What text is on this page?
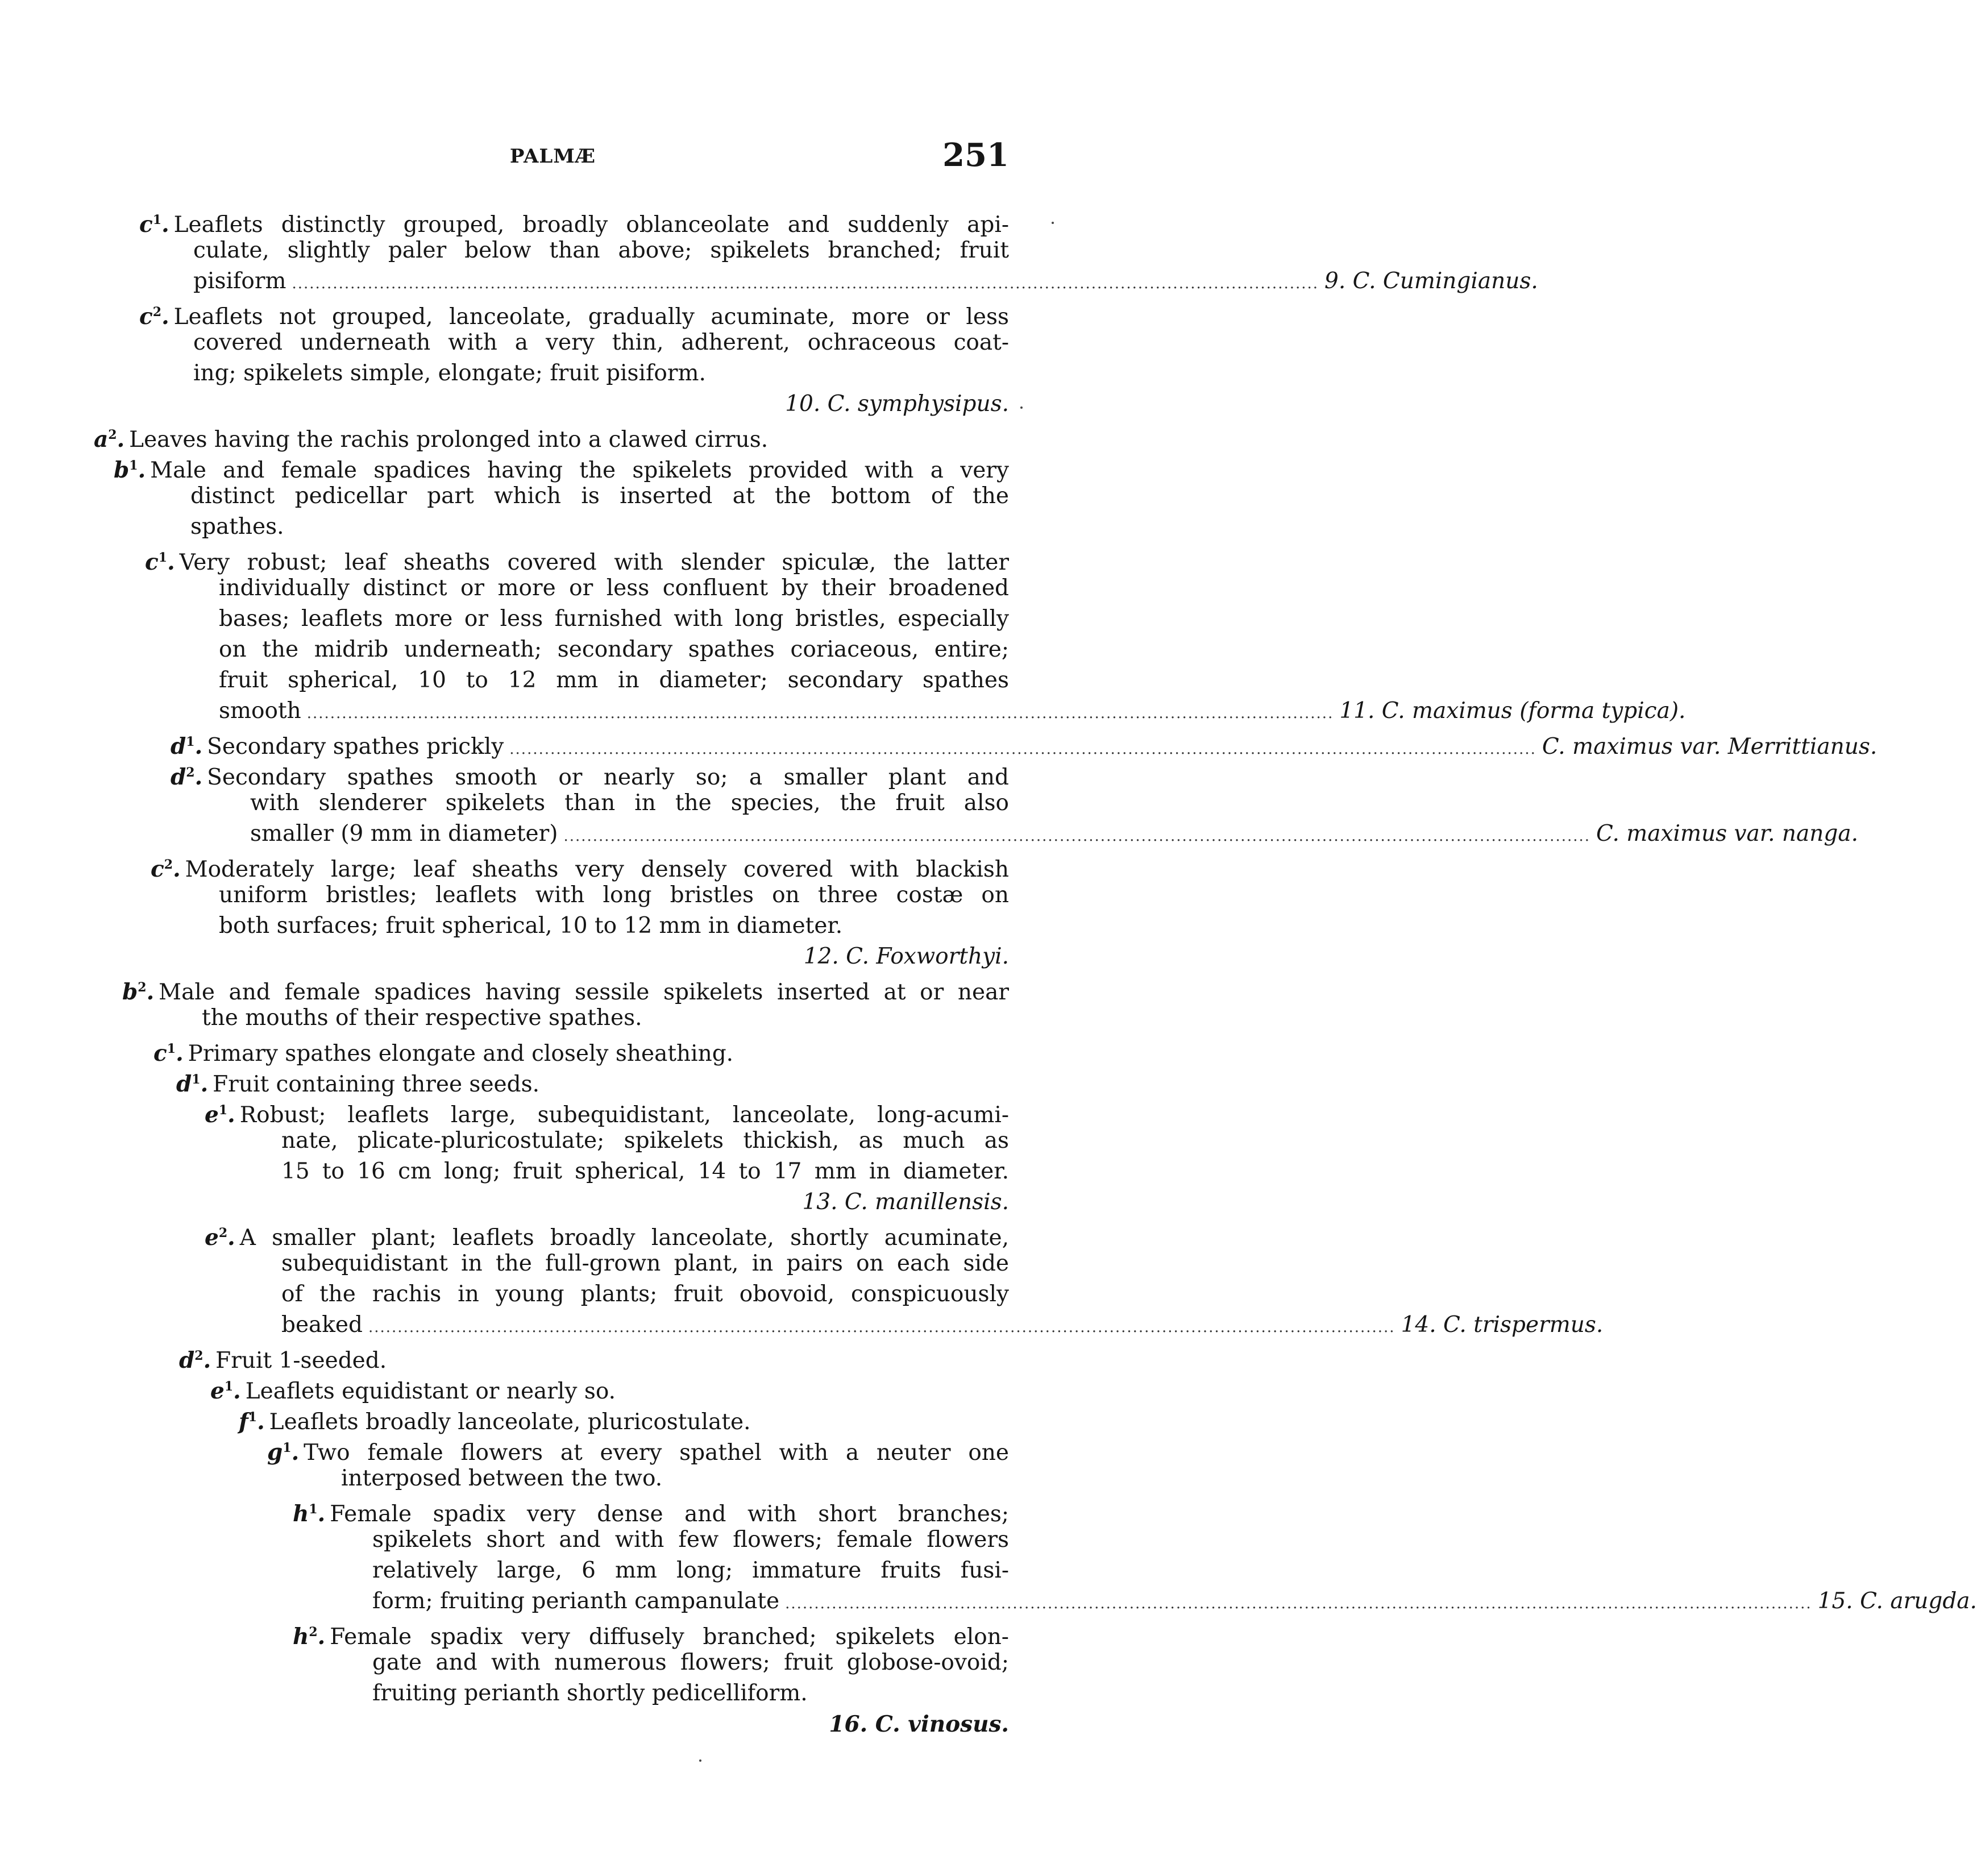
PALMÆ	251
$c^1$. Leaflets distinctly grouped, broadly oblanceolate and suddenly api-
culate, slightly paler below than above; spikelets branched; fruit
pisiform ................................................................................................................................................................................ 9. C. Cumingianus.
$c^2$. Leaflets not grouped, lanceolate, gradually acuminate, more or less
covered underneath with a very thin, adherent, ochraceous coat-
ing; spikelets simple, elongate; fruit pisiform.
10. C. symphysipus.
$a^2$. Leaves having the rachis prolonged into a clawed cirrus.
$b^1$. Male and female spadices having the spikelets provided with a very
distinct pedicellar part which is inserted at the bottom of the
spathes.
$c^1$. Very robust; leaf sheaths covered with slender spiculæ, the latter
individually distinct or more or less confluent by their broadened
bases; leaflets more or less furnished with long bristles, especially
on the midrib underneath; secondary spathes coriaceous, entire;
fruit spherical, 10 to 12 mm in diameter; secondary spathes
smooth ................................................................................................................................................................................ 11. C. maximus (forma typica).
$d^1$. Secondary spathes prickly ................................................................................................................................................................................ C. maximus var. Merrittianus.
$d^2$. Secondary spathes smooth or nearly so; a smaller plant and
with slenderer spikelets than in the species, the fruit also
smaller (9 mm in diameter) ................................................................................................................................................................................ C. maximus var. nanga.
$c^2$. Moderately large; leaf sheaths very densely covered with blackish
uniform bristles; leaflets with long bristles on three costæ on
both surfaces; fruit spherical, 10 to 12 mm in diameter.
12. C. Foxworthyi.
$b^2$. Male and female spadices having sessile spikelets inserted at or near
the mouths of their respective spathes.
$c^1$. Primary spathes elongate and closely sheathing.
$d^1$. Fruit containing three seeds.
$e^1$. Robust; leaflets large, subequidistant, lanceolate, long-acumi-
nate, plicate-pluricostulate; spikelets thickish, as much as
15 to 16 cm long; fruit spherical, 14 to 17 mm in diameter.
13. C. manillensis.
$e^2$. A smaller plant; leaflets broadly lanceolate, shortly acuminate,
subequidistant in the full-grown plant, in pairs on each side
of the rachis in young plants; fruit obovoid, conspicuously
beaked ................................................................................................................................................................................ 14. C. trispermus.
$d^2$. Fruit 1-seeded.
$e^1$. Leaflets equidistant or nearly so.
$f^1$. Leaflets broadly lanceolate, pluricostulate.
$g^1$. Two female flowers at every spathel with a neuter one
interposed between the two.
$h^1$. Female spadix very dense and with short branches;
spikelets short and with few flowers; female flowers
relatively large, 6 mm long; immature fruits fusi-
form; fruiting perianth campanulate ................................................................................................................................................................................ 15. C. arugda.
$h^2$. Female spadix very diffusely branched; spikelets elon-
gate and with numerous flowers; fruit globose-ovoid;
fruiting perianth shortly pedicelliform.
16. C. vinosus.
